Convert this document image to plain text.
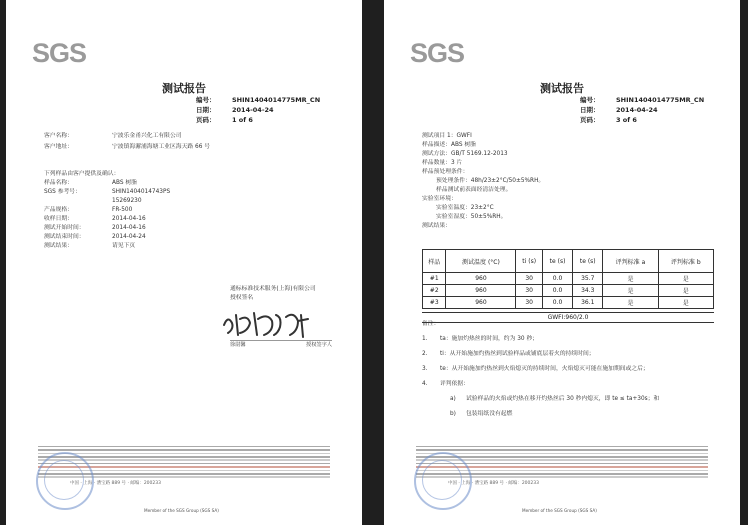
SGS
测试报告
编号：	SHIN1404014775MR_CN
日期：	2014-04-24
页码：	1 of 6
客户名称：	宁波乐金甬兴化工有限公司
客户地址：	宁波镇海澥浦海塘工业区海天路 66 号
下列样品由客户提供及确认：
样品名称：	ABS 树脂
SGS 参考号：	SHIN1404014743PS
15269230
产品规格：	FR-500
收样日期：	2014-04-16
测试开始时间：	2014-04-16
测试结束时间：	2014-04-24
测试结果：	请见下页
通标标准技术服务(上海)有限公司
授权签名
徐尉馨	授权签字人
中国 · 上海 · 漕宝路 889 号 · 邮编：200233
Member of the SGS Group (SGS SA)
SGS
测试报告
编号：	SHIN1404014775MR_CN
日期：	2014-04-24
页码：	3 of 6
测试项目 1：GWFI
样品描述：ABS 树脂
测试方法：GB/T 5169.12-2013
样品数量：3 片
样品预处理条件：
预处理条件：48h/23±2°C/50±5%RH。
样品测试前表面经清洁处理。
实验室环境：
实验室温度：23±2°C
实验室湿度：50±5%RH。
测试结果：
样品	测试温度 (°C)	ti (s)	te (s)	te (s)	评判标准 a	评判标准 b
#1	960	30	0.0	35.7	是	是
#2	960	30	0.0	34.3	是	是
#3	960	30	0.0	36.1	是	是
GWFI:960/2.0
备注：
1.	ta：施加灼热丝的时间，约为 30 秒；
2.	ti：从开始施加灼热丝到试验样品或铺底层着火的持续时间；
3.	te：从开始施加灼热丝到火焰熄灭的持续时间，火焰熄灭可能在施加期间或之后；
4.	评判依据：
a)	试验样品的火焰或灼热在移开灼热丝后 30 秒内熄灭，即 te ≤ ta+30s；和
b)	包装绢纸没有起燃
中国 · 上海 · 漕宝路 889 号 · 邮编：200233
Member of the SGS Group (SGS SA)
